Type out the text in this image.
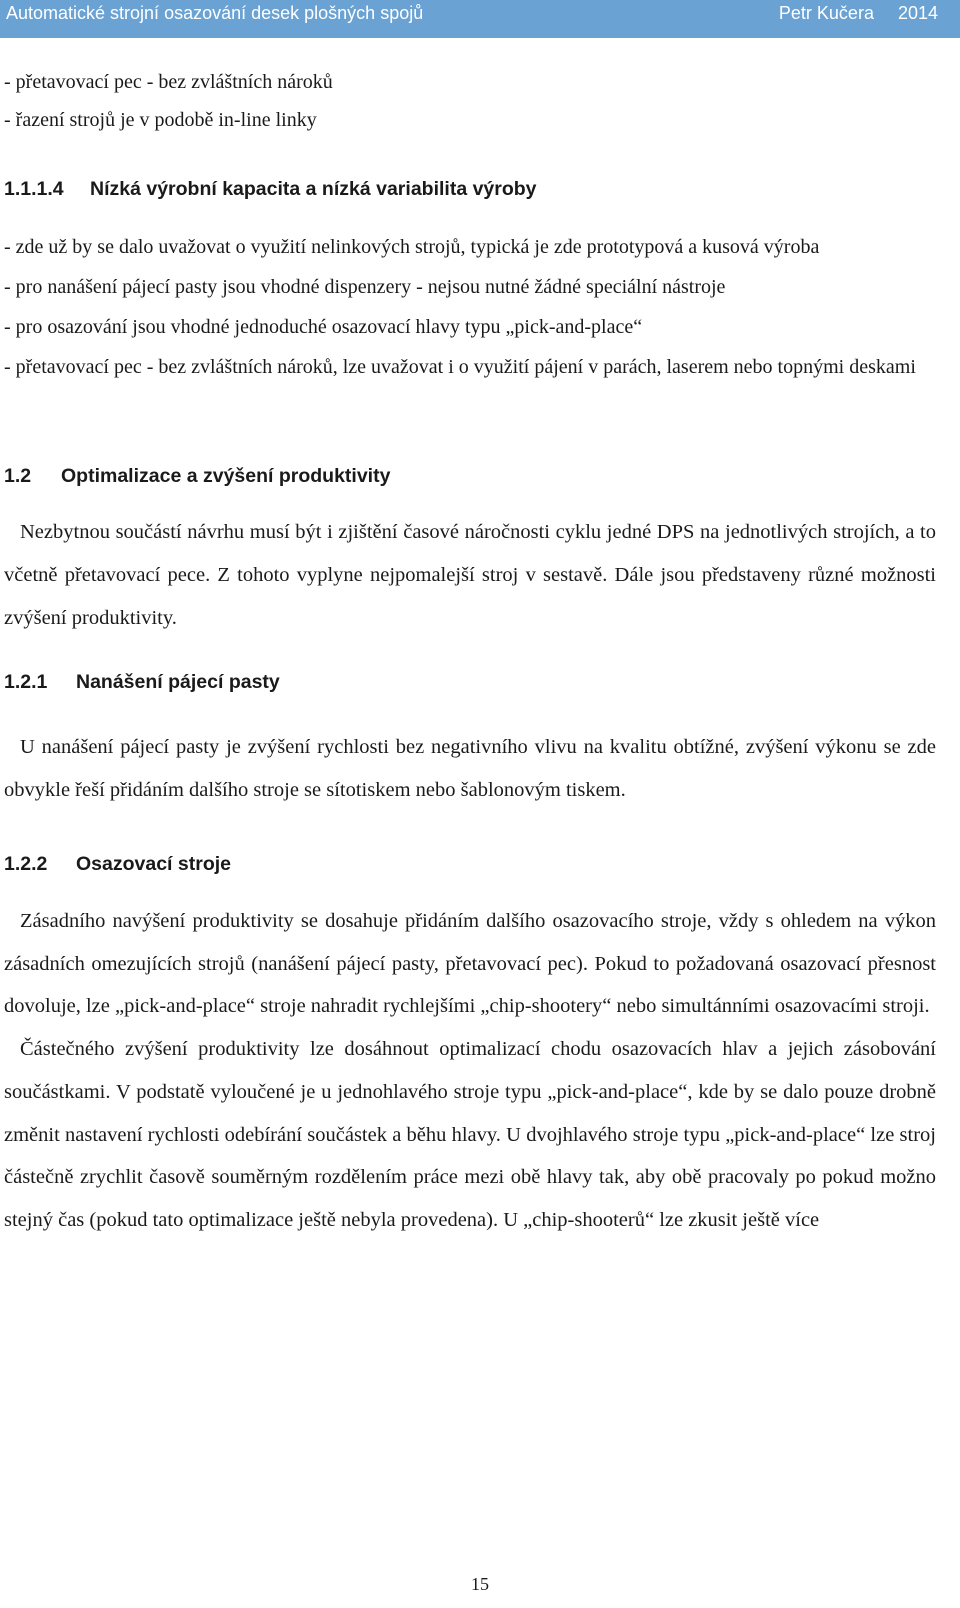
Automatické strojní osazování desek plošných spojů	Petr Kučera 2014

- přetavovací pec - bez zvláštních nároků

- řazení strojů je v podobě in-line linky

1.1.1.4 Nízká výrobní kapacita a nízká variabilita výroby

- zde už by se dalo uvažovat o využití nelinkových strojů, typická je zde prototypová a kusová výroba

- pro nanášení pájecí pasty jsou vhodné dispenzery - nejsou nutné žádné speciální nástroje

- pro osazování jsou vhodné jednoduché osazovací hlavy typu „pick-and-place“

- přetavovací pec - bez zvláštních nároků, lze uvažovat i o využití pájení v parách, laserem nebo topnými deskami

1.2 Optimalizace a zvýšení produktivity

Nezbytnou součástí návrhu musí být i zjištění časové náročnosti cyklu jedné DPS na jednotlivých strojích, a to včetně přetavovací pece. Z tohoto vyplyne nejpomalejší stroj v sestavě. Dále jsou představeny různé možnosti zvýšení produktivity.

1.2.1 Nanášení pájecí pasty

U nanášení pájecí pasty je zvýšení rychlosti bez negativního vlivu na kvalitu obtížné, zvýšení výkonu se zde obvykle řeší přidáním dalšího stroje se sítotiskem nebo šablonovým tiskem.

1.2.2 Osazovací stroje

Zásadního navýšení produktivity se dosahuje přidáním dalšího osazovacího stroje, vždy s ohledem na výkon zásadních omezujících strojů (nanášení pájecí pasty, přetavovací pec). Pokud to požadovaná osazovací přesnost dovoluje, lze „pick-and-place“ stroje nahradit rychlejšími „chip-shootery“ nebo simultánními osazovacími stroji.

Částečného zvýšení produktivity lze dosáhnout optimalizací chodu osazovacích hlav a jejich zásobování součástkami. V podstatě vyloučené je u jednohlavého stroje typu „pick-and-place“, kde by se dalo pouze drobně změnit nastavení rychlosti odebírání součástek a běhu hlavy. U dvojhlavého stroje typu „pick-and-place“ lze stroj částečně zrychlit časově souměrným rozdělením práce mezi obě hlavy tak, aby obě pracovaly po pokud možno stejný čas (pokud tato optimalizace ještě nebyla provedena). U „chip-shooterů“ lze zkusit ještě více

15
